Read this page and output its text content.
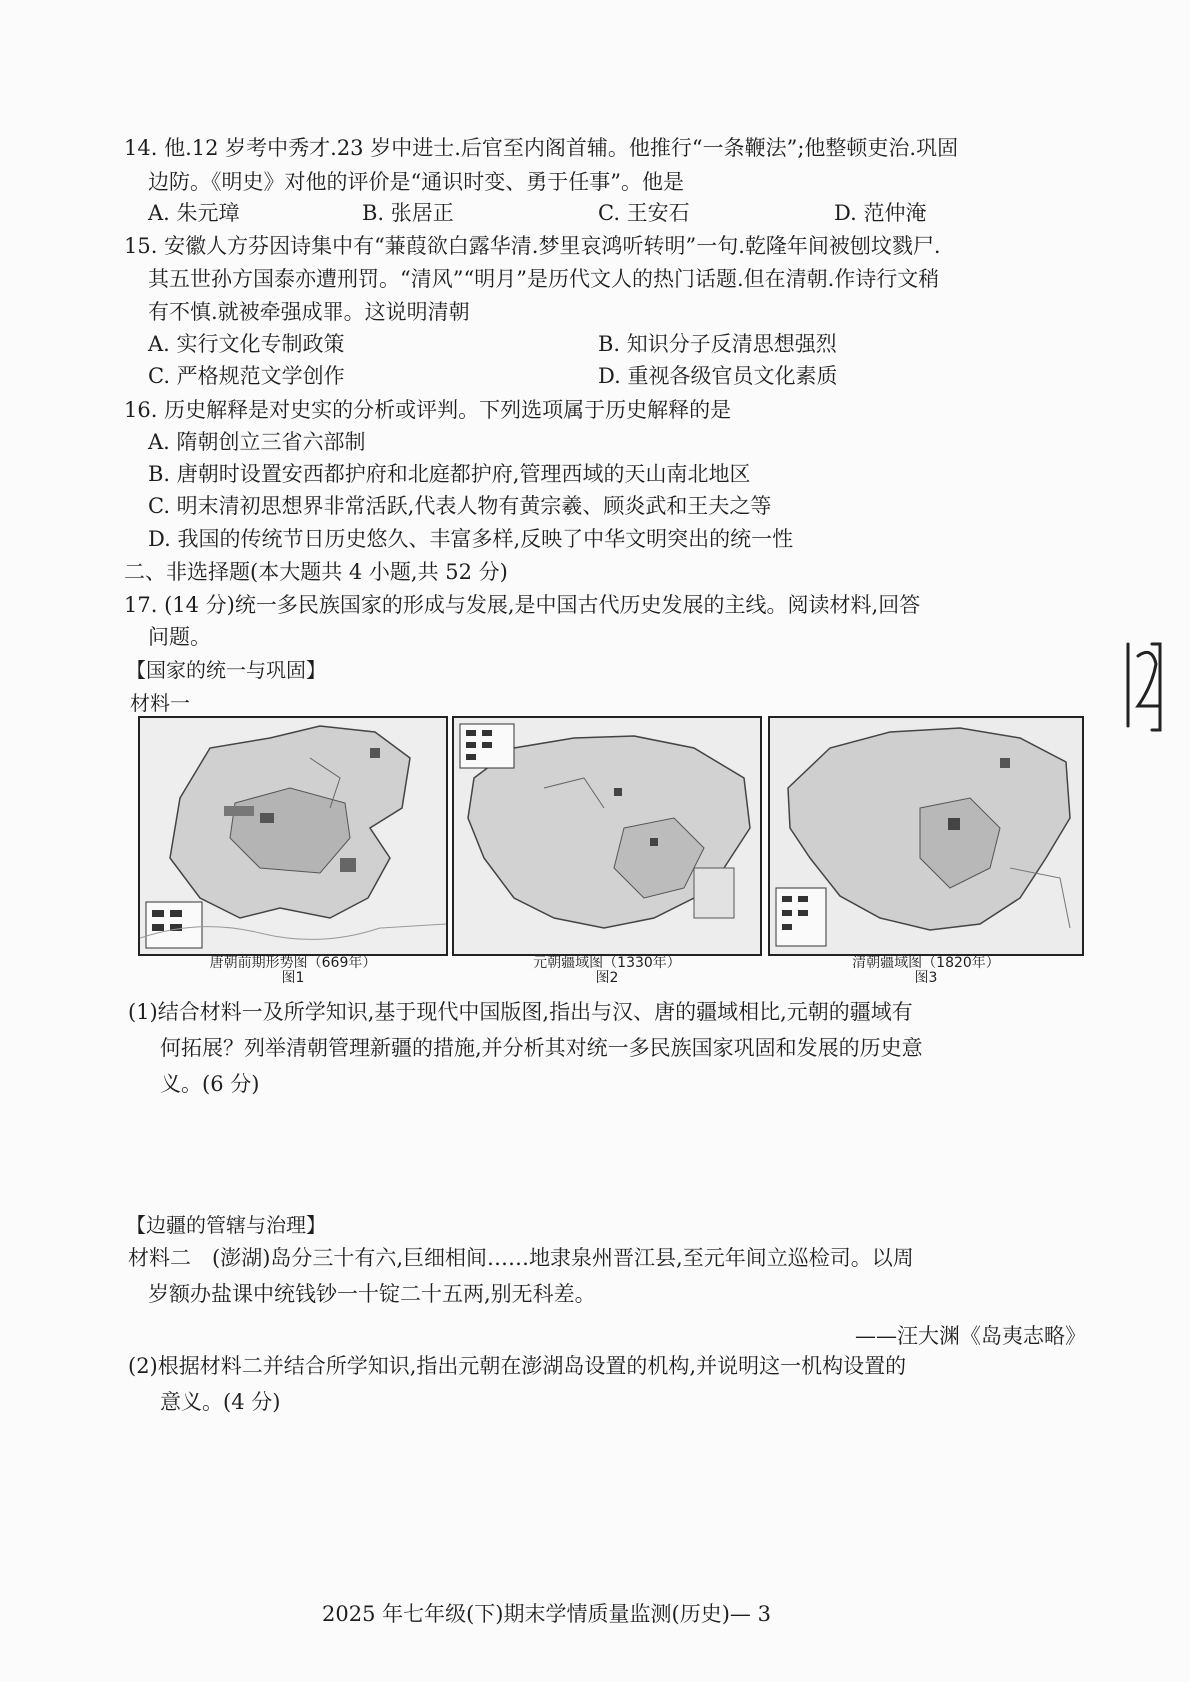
14. 他.12 岁考中秀才.23 岁中进士.后官至内阁首辅。他推行“一条鞭法”;他整顿吏治.巩固
边防。《明史》对他的评价是“通识时变、勇于任事”。他是
A. 朱元璋	B. 张居正	C. 王安石	D. 范仲淹
15. 安徽人方芬因诗集中有“蒹葭欲白露华清.梦里哀鸿听转明”一句.乾隆年间被刨坟戮尸.
其五世孙方国泰亦遭刑罚。“清风”“明月”是历代文人的热门话题.但在清朝.作诗行文稍
有不慎.就被牵强成罪。这说明清朝
A. 实行文化专制政策	B. 知识分子反清思想强烈
C. 严格规范文学创作	D. 重视各级官员文化素质
16. 历史解释是对史实的分析或评判。下列选项属于历史解释的是
A. 隋朝创立三省六部制
B. 唐朝时设置安西都护府和北庭都护府,管理西域的天山南北地区
C. 明末清初思想界非常活跃,代表人物有黄宗羲、顾炎武和王夫之等
D. 我国的传统节日历史悠久、丰富多样,反映了中华文明突出的统一性
二、非选择题(本大题共 4 小题,共 52 分)
17. (14 分)统一多民族国家的形成与发展,是中国古代历史发展的主线。阅读材料,回答
问题。
【国家的统一与巩固】
材料一
唐朝前期形势图（669年）
图1
元朝疆域图（1330年）
图2
清朝疆域图（1820年）
图3
(1)结合材料一及所学知识,基于现代中国版图,指出与汉、唐的疆域相比,元朝的疆域有
何拓展？列举清朝管理新疆的措施,并分析其对统一多民族国家巩固和发展的历史意
义。(6 分)
【边疆的管辖与治理】
材料二　(澎湖)岛分三十有六,巨细相间……地隶泉州晋江县,至元年间立巡检司。以周
岁额办盐课中统钱钞一十锭二十五两,别无科差。
——汪大渊《岛夷志略》
(2)根据材料二并结合所学知识,指出元朝在澎湖岛设置的机构,并说明这一机构设置的
意义。(4 分)
2025 年七年级(下)期末学情质量监测(历史)— 3
